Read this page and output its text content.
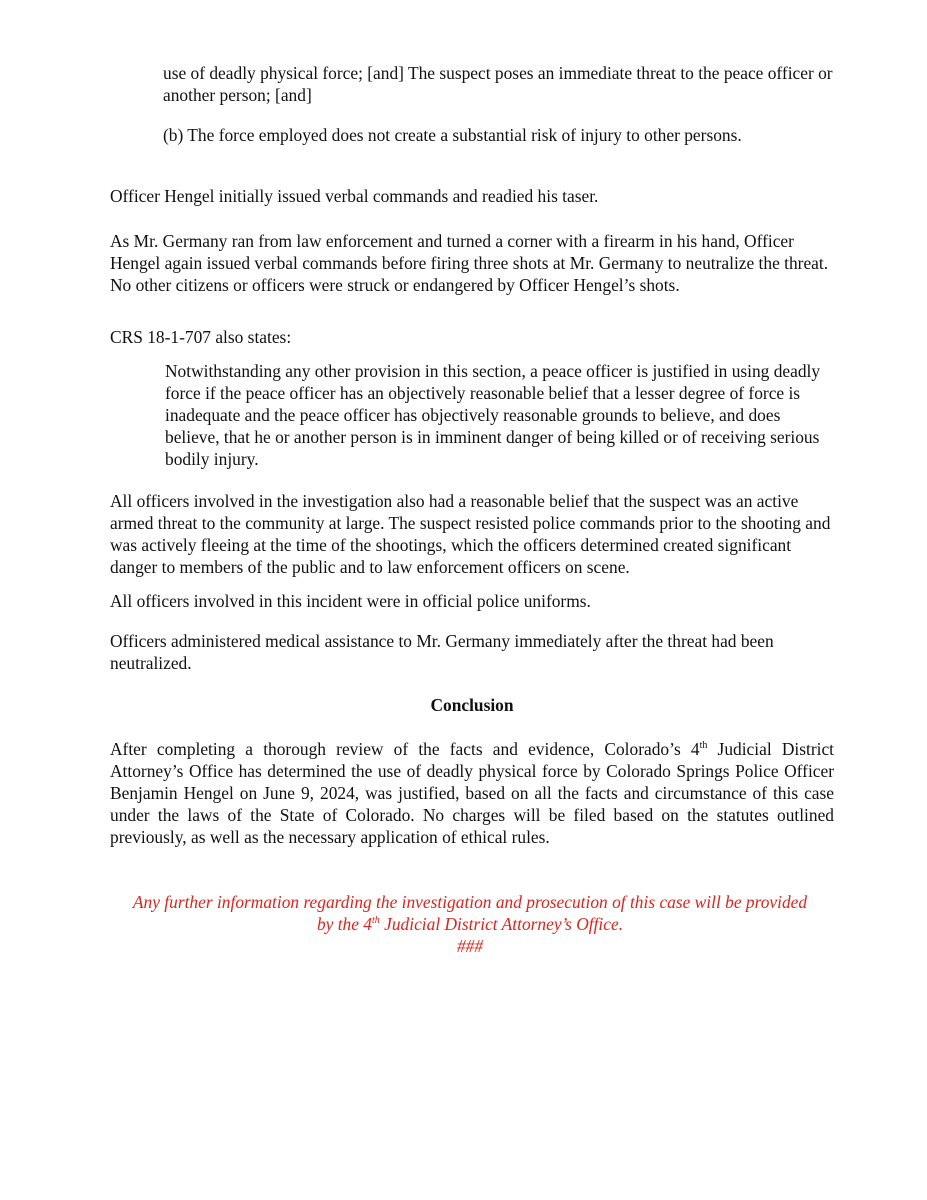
use of deadly physical force; [and] The suspect poses an immediate threat to the peace officer or another person; [and]

(b) The force employed does not create a substantial risk of injury to other persons.

Officer Hengel initially issued verbal commands and readied his taser.

As Mr. Germany ran from law enforcement and turned a corner with a firearm in his hand, Officer Hengel again issued verbal commands before firing three shots at Mr. Germany to neutralize the threat. No other citizens or officers were struck or endangered by Officer Hengel’s shots.

CRS 18-1-707 also states:

Notwithstanding any other provision in this section, a peace officer is justified in using deadly force if the peace officer has an objectively reasonable belief that a lesser degree of force is inadequate and the peace officer has objectively reasonable grounds to believe, and does believe, that he or another person is in imminent danger of being killed or of receiving serious bodily injury.

All officers involved in the investigation also had a reasonable belief that the suspect was an active armed threat to the community at large. The suspect resisted police commands prior to the shooting and was actively fleeing at the time of the shootings, which the officers determined created significant danger to members of the public and to law enforcement officers on scene.

All officers involved in this incident were in official police uniforms.

Officers administered medical assistance to Mr. Germany immediately after the threat had been neutralized.

Conclusion

After completing a thorough review of the facts and evidence, Colorado’s 4th Judicial District Attorney’s Office has determined the use of deadly physical force by Colorado Springs Police Officer Benjamin Hengel on June 9, 2024, was justified, based on all the facts and circumstance of this case under the laws of the State of Colorado. No charges will be filed based on the statutes outlined previously, as well as the necessary application of ethical rules.

Any further information regarding the investigation and prosecution of this case will be provided
by the 4th Judicial District Attorney’s Office.
###
